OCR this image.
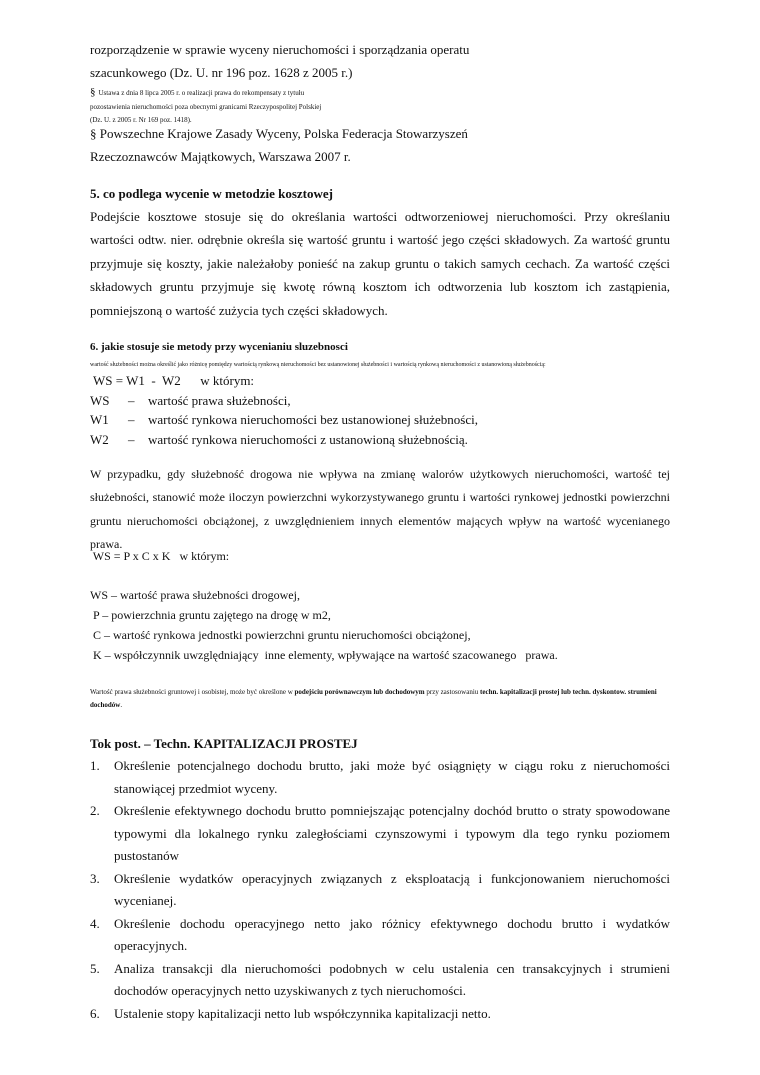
rozporządzenie w sprawie wyceny nieruchomości i sporządzania operatu

szacunkowego (Dz. U. nr 196 poz. 1628 z 2005 r.)

§ Ustawa z dnia 8 lipca 2005 r. o realizacji prawa do rekompensaty z tytułu
pozostawienia nieruchomości poza obecnymi granicami Rzeczypospolitej Polskiej
(Dz. U. z 2005 r. Nr 169 poz. 1418).

§ Powszechne Krajowe Zasady Wyceny, Polska Federacja Stowarzyszeń

Rzeczoznawców Majątkowych, Warszawa 2007 r.

5. co podlega wycenie w metodzie kosztowej

Podejście kosztowe stosuje się do określania wartości odtworzeniowej nieruchomości. Przy określaniu wartości odtw. nier. odrębnie określa się wartość gruntu i wartość jego części składowych. Za wartość gruntu przyjmuje się koszty, jakie należałoby ponieść na zakup gruntu o takich samych cechach. Za wartość części składowych gruntu przyjmuje się kwotę równą kosztom ich odtworzenia lub kosztom ich zastąpienia, pomniejszoną o wartość zużycia tych części składowych.

6. jakie stosuje sie metody przy wycenianiu sluzebnosci

wartość służebności można określić jako różnicę pomiędzy wartością rynkową nieruchomości bez ustanowionej służebności i wartością rynkową nieruchomości z ustanowioną służebnością:

WS = W1  -  W2      w którym:
WS	–	wartość prawa służebności,
W1	–	wartość rynkowa nieruchomości bez ustanowionej służebności,
W2	–	wartość rynkowa nieruchomości z ustanowioną służebnością.

W przypadku, gdy służebność drogowa nie wpływa na zmianę walorów użytkowych nieruchomości, wartość tej służebności, stanowić może iloczyn powierzchni wykorzystywanego gruntu i wartości rynkowej jednostki powierzchni gruntu nieruchomości obciążonej, z uwzględnieniem innych elementów mających wpływ na wartość wycenianego prawa.

WS = P x C x K   w którym:

WS – wartość prawa służebności drogowej,
P – powierzchnia gruntu zajętego na drogę w m2,
C – wartość rynkowa jednostki powierzchni gruntu nieruchomości obciążonej,
K – współczynnik uwzględniający  inne elementy, wpływające na wartość szacowanego   prawa.

Wartość prawa służebności gruntowej i osobistej, może być określone w podejściu porównawczym lub dochodowym przy zastosowaniu techn. kapitalizacji prostej lub techn. dyskontow. strumieni dochodów.

Tok post. – Techn. KAPITALIZACJI PROSTEJ

1.	Określenie potencjalnego dochodu brutto, jaki może być osiągnięty w ciągu roku z nieruchomości stanowiącej przedmiot wyceny.
2.	Określenie efektywnego dochodu brutto pomniejszając potencjalny dochód brutto o straty spowodowane typowymi dla lokalnego rynku zaległościami czynszowymi i typowym dla tego rynku poziomem pustostanów
3.	Określenie wydatków operacyjnych związanych z eksploatacją i funkcjonowaniem nieruchomości wycenianej.
4.	Określenie dochodu operacyjnego netto jako różnicy efektywnego dochodu brutto i wydatków operacyjnych.
5.	Analiza transakcji dla nieruchomości podobnych w celu ustalenia cen transakcyjnych i strumieni dochodów operacyjnych netto uzyskiwanych z tych nieruchomości.
6.	Ustalenie stopy kapitalizacji netto lub współczynnika kapitalizacji netto.
